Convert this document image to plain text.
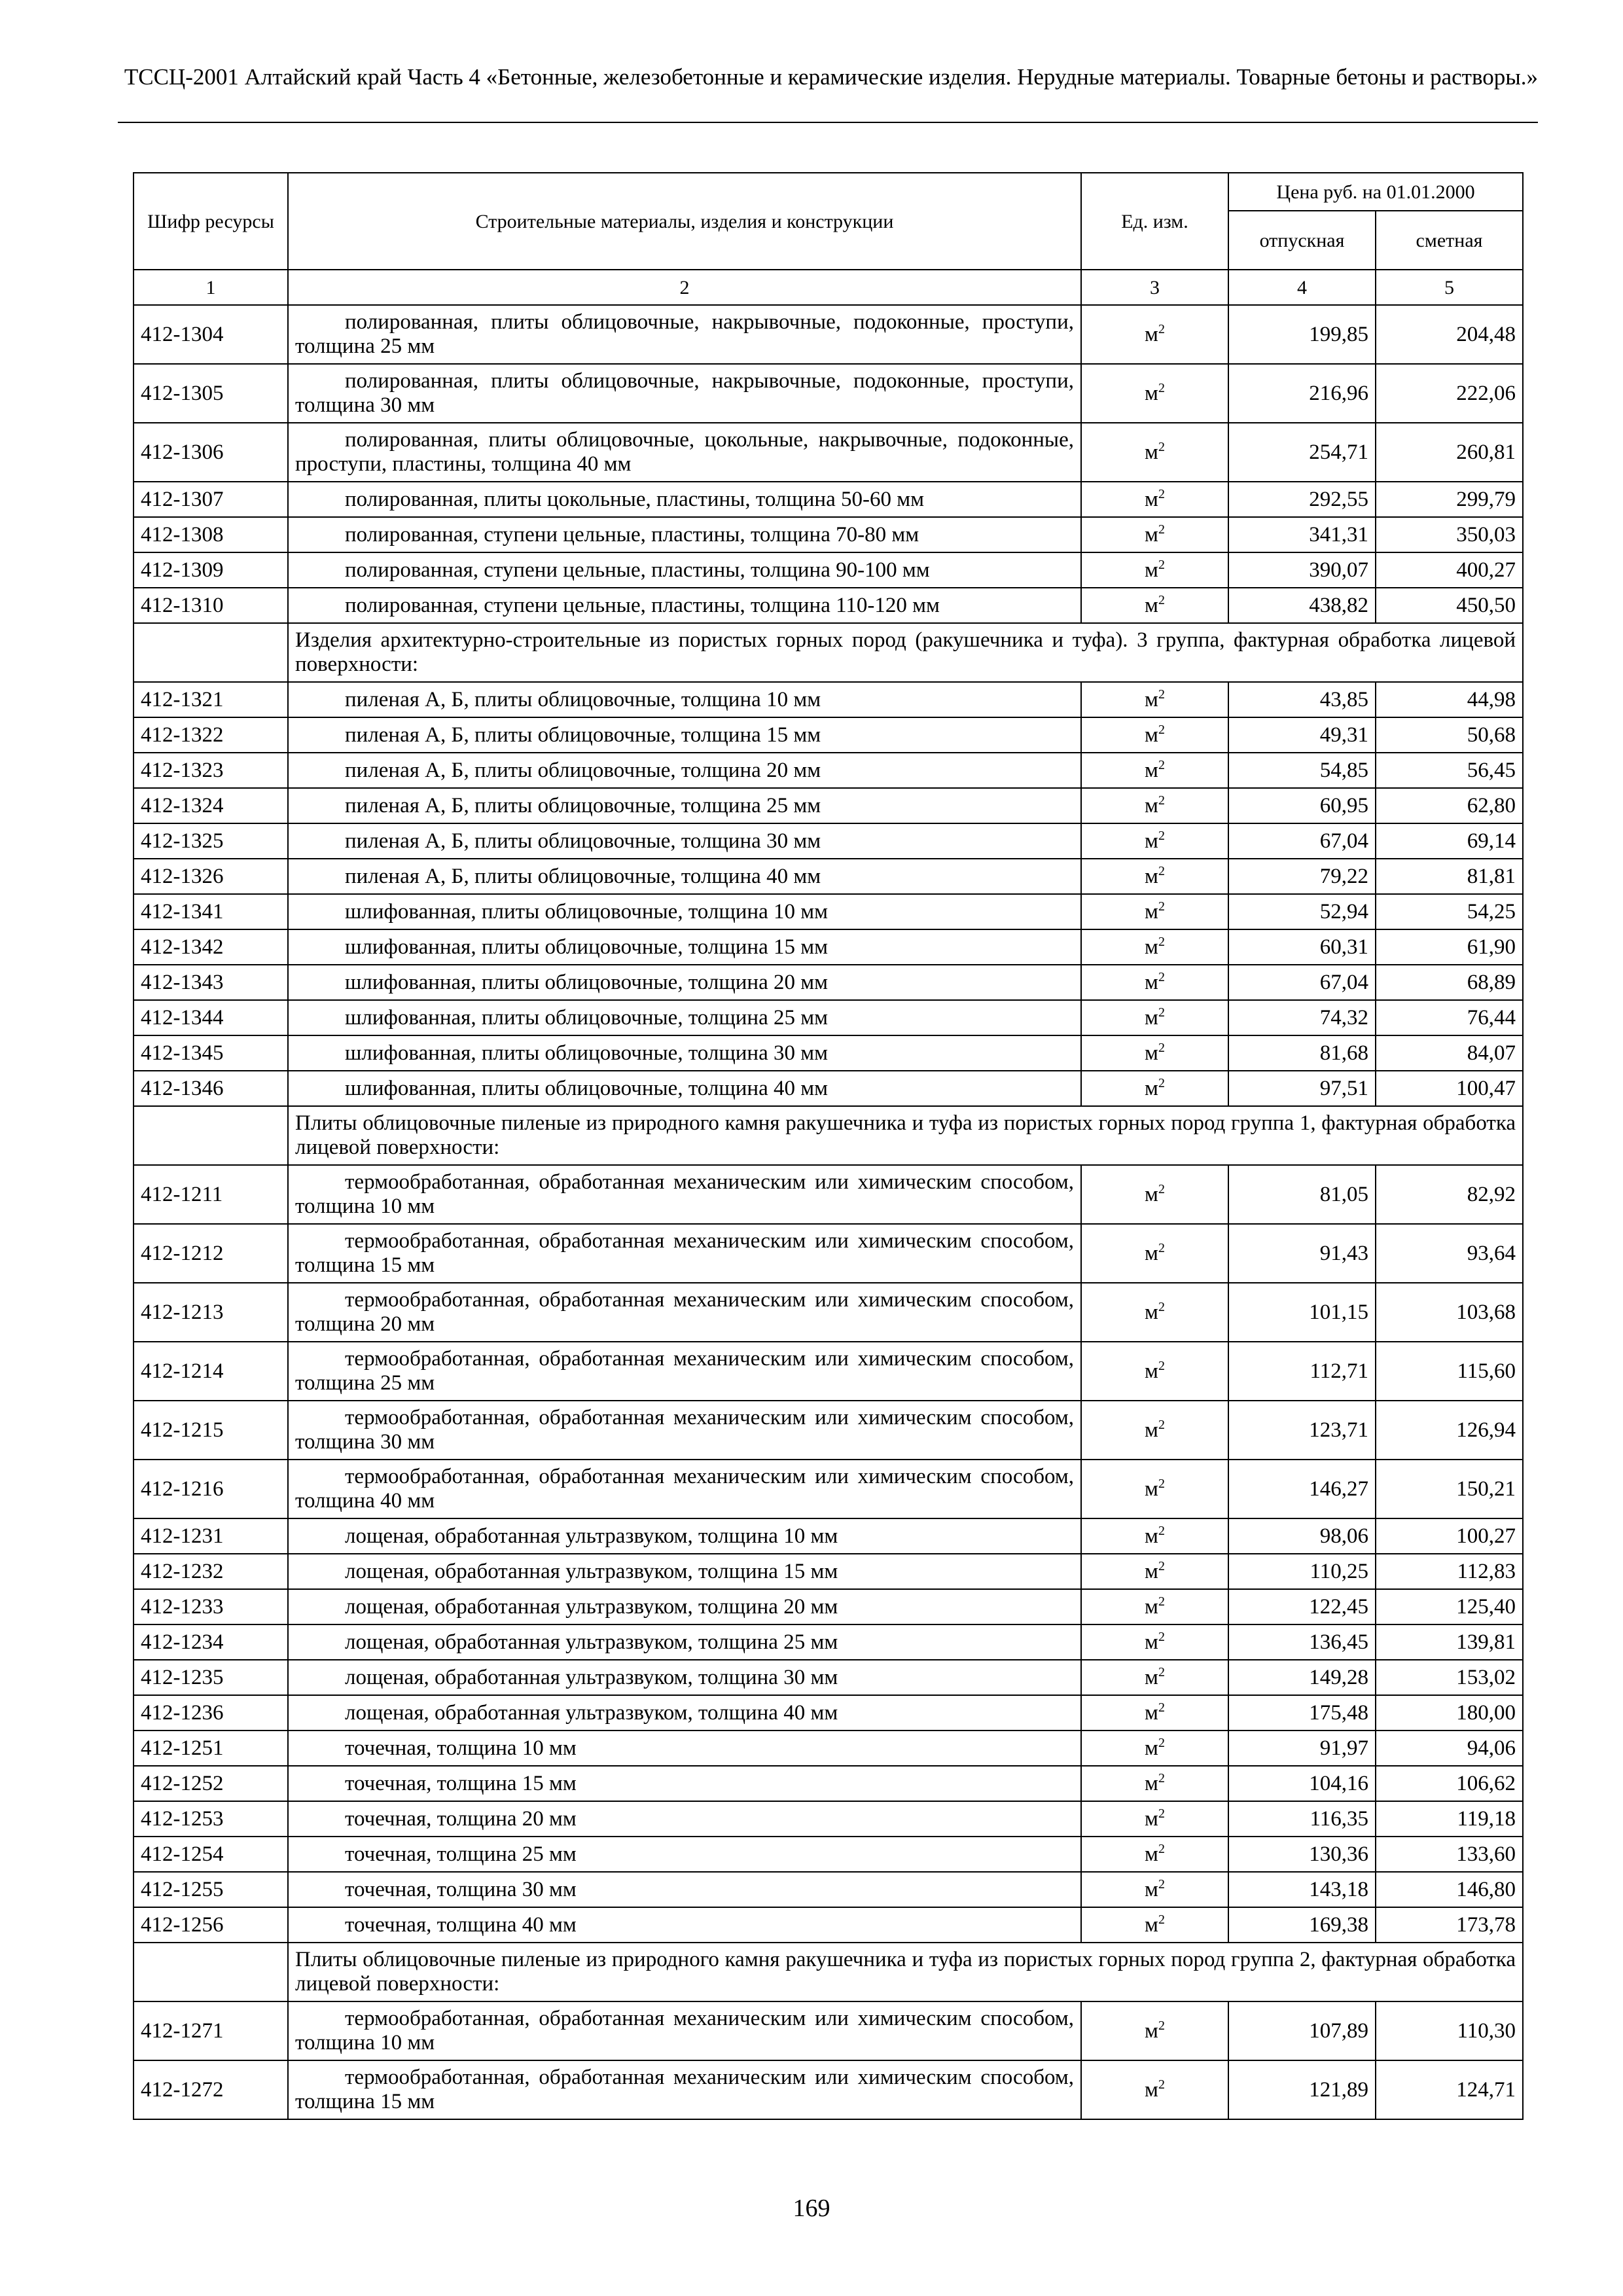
ТССЦ-2001 Алтайский край Часть 4 «Бетонные, железобетонные и керамические изделия. Нерудные материалы. Товарные бетоны и растворы.»
Шифр ресурсы	Строительные материалы, изделия и конструкции	Ед. изм.	Цена руб. на 01.01.2000	
			отпускная	сметная
1	2	3	4	5
412-1304	полированная, плиты облицовочные, накрывочные, подоконные, проступи, толщина 25 мм	$м^2$	199,85	204,48
412-1305	полированная, плиты облицовочные, накрывочные, подоконные, проступи, толщина 30 мм	$м^2$	216,96	222,06
412-1306	полированная, плиты облицовочные, цокольные, накрывочные, подоконные, проступи, пластины, толщина 40 мм	$м^2$	254,71	260,81
412-1307	полированная, плиты цокольные, пластины, толщина 50-60 мм	$м^2$	292,55	299,79
412-1308	полированная, ступени цельные, пластины, толщина 70-80 мм	$м^2$	341,31	350,03
412-1309	полированная, ступени цельные, пластины, толщина 90-100 мм	$м^2$	390,07	400,27
412-1310	полированная, ступени цельные, пластины, толщина 110-120 мм	$м^2$	438,82	450,50
	Изделия архитектурно-строительные из пористых горных пород (ракушечника и туфа). 3 группа, фактурная обработка лицевой поверхности:			
412-1321	пиленая А, Б, плиты облицовочные, толщина 10 мм	$м^2$	43,85	44,98
412-1322	пиленая А, Б, плиты облицовочные, толщина 15 мм	$м^2$	49,31	50,68
412-1323	пиленая А, Б, плиты облицовочные, толщина 20 мм	$м^2$	54,85	56,45
412-1324	пиленая А, Б, плиты облицовочные, толщина 25 мм	$м^2$	60,95	62,80
412-1325	пиленая А, Б, плиты облицовочные, толщина 30 мм	$м^2$	67,04	69,14
412-1326	пиленая А, Б, плиты облицовочные, толщина 40 мм	$м^2$	79,22	81,81
412-1341	шлифованная, плиты облицовочные, толщина 10 мм	$м^2$	52,94	54,25
412-1342	шлифованная, плиты облицовочные, толщина 15 мм	$м^2$	60,31	61,90
412-1343	шлифованная, плиты облицовочные, толщина 20 мм	$м^2$	67,04	68,89
412-1344	шлифованная, плиты облицовочные, толщина 25 мм	$м^2$	74,32	76,44
412-1345	шлифованная, плиты облицовочные, толщина 30 мм	$м^2$	81,68	84,07
412-1346	шлифованная, плиты облицовочные, толщина 40 мм	$м^2$	97,51	100,47
	Плиты облицовочные пиленые из природного камня ракушечника и туфа из пористых горных пород группа 1, фактурная обработка лицевой поверхности:			
412-1211	термообработанная, обработанная механическим или химическим способом, толщина 10 мм	$м^2$	81,05	82,92
412-1212	термообработанная, обработанная механическим или химическим способом, толщина 15 мм	$м^2$	91,43	93,64
412-1213	термообработанная, обработанная механическим или химическим способом, толщина 20 мм	$м^2$	101,15	103,68
412-1214	термообработанная, обработанная механическим или химическим способом, толщина 25 мм	$м^2$	112,71	115,60
412-1215	термообработанная, обработанная механическим или химическим способом, толщина 30 мм	$м^2$	123,71	126,94
412-1216	термообработанная, обработанная механическим или химическим способом, толщина 40 мм	$м^2$	146,27	150,21
412-1231	лощеная, обработанная ультразвуком, толщина 10 мм	$м^2$	98,06	100,27
412-1232	лощеная, обработанная ультразвуком, толщина 15 мм	$м^2$	110,25	112,83
412-1233	лощеная, обработанная ультразвуком, толщина 20 мм	$м^2$	122,45	125,40
412-1234	лощеная, обработанная ультразвуком, толщина 25 мм	$м^2$	136,45	139,81
412-1235	лощеная, обработанная ультразвуком, толщина 30 мм	$м^2$	149,28	153,02
412-1236	лощеная, обработанная ультразвуком, толщина 40 мм	$м^2$	175,48	180,00
412-1251	точечная, толщина 10 мм	$м^2$	91,97	94,06
412-1252	точечная, толщина 15 мм	$м^2$	104,16	106,62
412-1253	точечная, толщина 20 мм	$м^2$	116,35	119,18
412-1254	точечная, толщина 25 мм	$м^2$	130,36	133,60
412-1255	точечная, толщина 30 мм	$м^2$	143,18	146,80
412-1256	точечная, толщина 40 мм	$м^2$	169,38	173,78
	Плиты облицовочные пиленые из природного камня ракушечника и туфа из пористых горных пород группа 2, фактурная обработка лицевой поверхности:			
412-1271	термообработанная, обработанная механическим или химическим способом, толщина 10 мм	$м^2$	107,89	110,30
412-1272	термообработанная, обработанная механическим или химическим способом, толщина 15 мм	$м^2$	121,89	124,71
169
